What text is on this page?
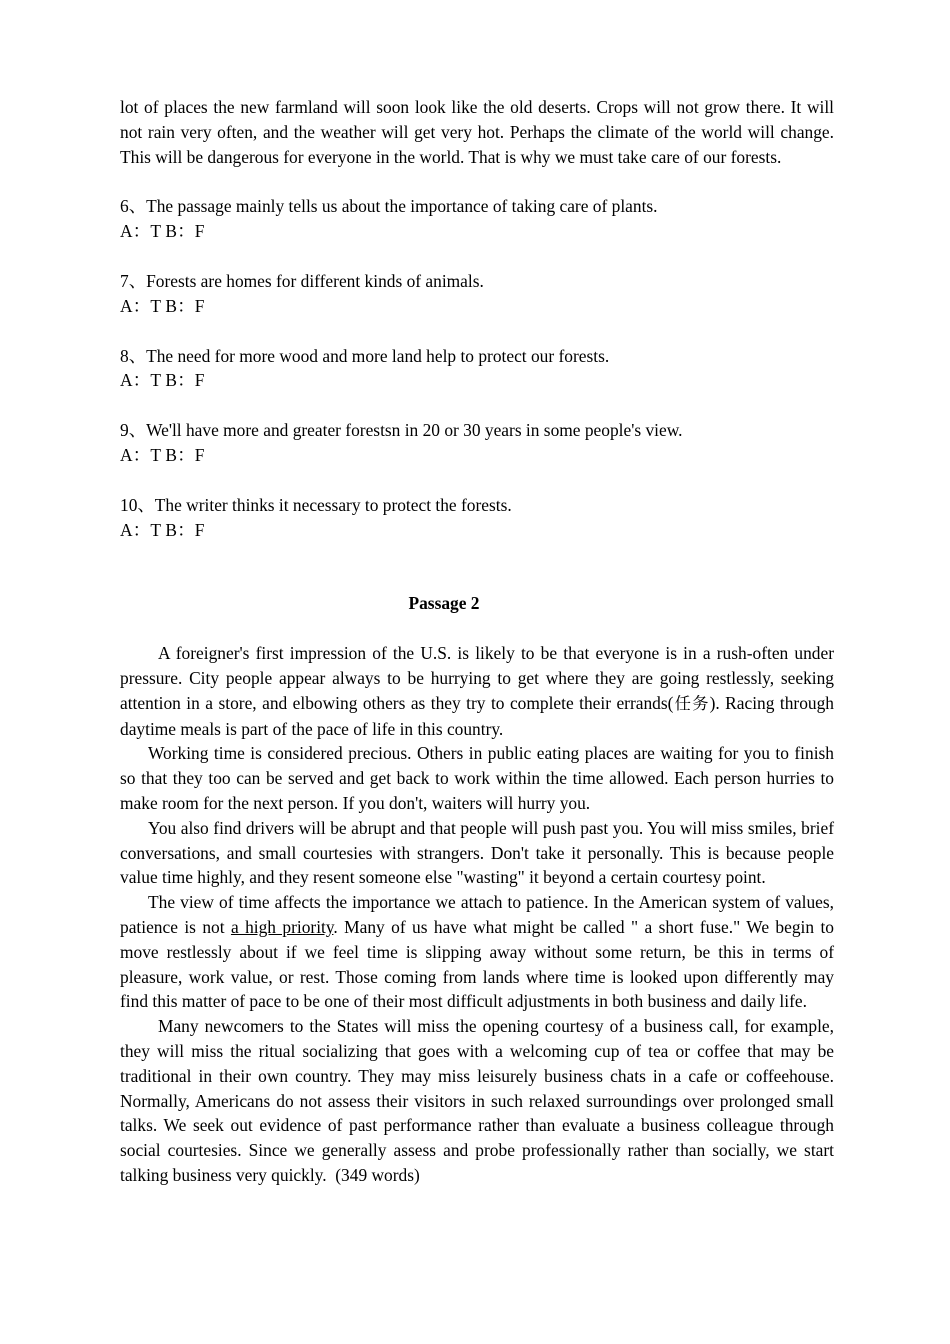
lot of places the new farmland will soon look like the old deserts. Crops will not grow there. It will not rain very often, and the weather will get very hot. Perhaps the climate of the world will change. This will be dangerous for everyone in the world. That is why we must take care of our forests.

6、The passage mainly tells us about the importance of taking care of plants.

A：T B：F

7、Forests are homes for different kinds of animals.

A：T B：F

8、The need for more wood and more land help to protect our forests.

A：T B：F

9、We'll have more and greater forestsn in 20 or 30 years in some people's view.

A：T B：F

10、The writer thinks it necessary to protect the forests.

A：T B：F

Passage 2

A foreigner's first impression of the U.S. is likely to be that everyone is in a rush-often under pressure. City people appear always to be hurrying to get where they are going restlessly, seeking attention in a store, and elbowing others as they try to complete their errands(任务). Racing through daytime meals is part of the pace of life in this country.

Working time is considered precious. Others in public eating places are waiting for you to finish so that they too can be served and get back to work within the time allowed. Each person hurries to make room for the next person. If you don't, waiters will hurry you.

You also find drivers will be abrupt and that people will push past you. You will miss smiles, brief conversations, and small courtesies with strangers. Don't take it personally. This is because people value time highly, and they resent someone else "wasting" it beyond a certain courtesy point.

The view of time affects the importance we attach to patience. In the American system of values, patience is not a high priority. Many of us have what might be called " a short fuse." We begin to move restlessly about if we feel time is slipping away without some return, be this in terms of pleasure, work value, or rest. Those coming from lands where time is looked upon differently may find this matter of pace to be one of their most difficult adjustments in both business and daily life.

Many newcomers to the States will miss the opening courtesy of a business call, for example, they will miss the ritual socializing that goes with a welcoming cup of tea or coffee that may be traditional in their own country. They may miss leisurely business chats in a cafe or coffeehouse. Normally, Americans do not assess their visitors in such relaxed surroundings over prolonged small talks. We seek out evidence of past performance rather than evaluate a business colleague through social courtesies. Since we generally assess and probe professionally rather than socially, we start talking business very quickly.  (349 words)
